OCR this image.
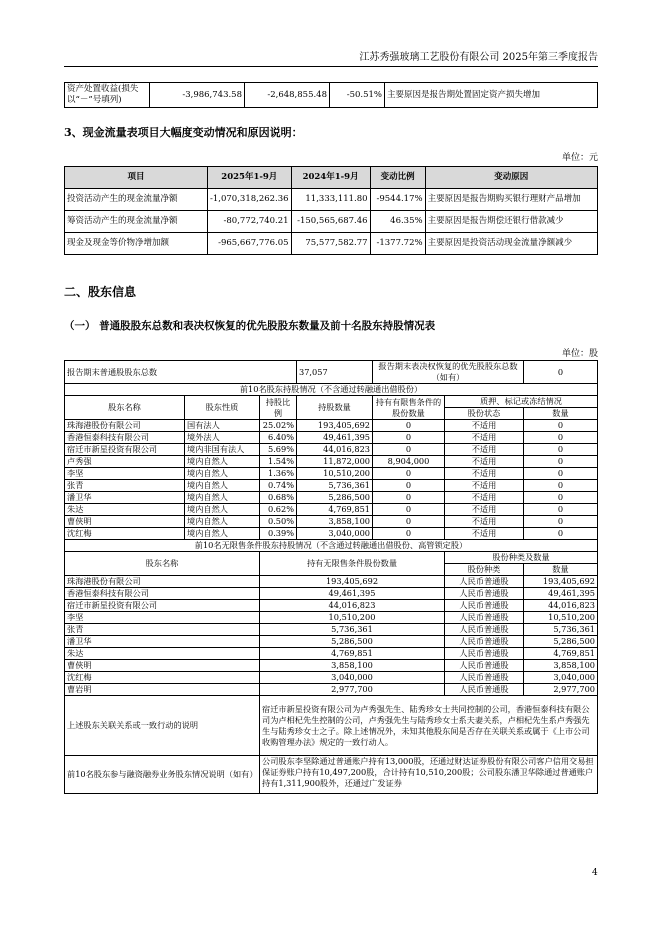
江苏秀强玻璃工艺股份有限公司 2025年第三季度报告
资产处置收益(损失以“－”号填列)	-3,986,743.58	-2,648,855.48	-50.51%	主要原因是报告期处置固定资产损失增加
3、现金流量表项目大幅度变动情况和原因说明：
单位：元
项目	2025年1-9月	2024年1-9月	变动比例	变动原因
投资活动产生的现金流量净额	-1,070,318,262.36	11,333,111.80	-9544.17%	主要原因是报告期购买银行理财产品增加
筹资活动产生的现金流量净额	-80,772,740.21	-150,565,687.46	46.35%	主要原因是报告期偿还银行借款减少
现金及现金等价物净增加额	-965,667,776.05	75,577,582.77	-1377.72%	主要原因是投资活动现金流量净额减少
二、股东信息
（一） 普通股股东总数和表决权恢复的优先股股东数量及前十名股东持股情况表
单位：股
报告期末普通股股东总数			37,057	报告期末表决权恢复的优先股股东总数（如有）		0
前10名股东持股情况（不含通过转融通出借股份）						
股东名称	股东性质	持股比例	持股数量	持有有限售条件的股份数量	质押、标记或冻结情况	
					股份状态	数量
珠海港股份有限公司	国有法人	25.02%	193,405,692	0	不适用	0
香港恒泰科技有限公司	境外法人	6.40%	49,461,395	0	不适用	0
宿迁市新星投资有限公司	境内非国有法人	5.69%	44,016,823	0	不适用	0
卢秀强	境内自然人	1.54%	11,872,000	8,904,000	不适用	0
李坚	境内自然人	1.36%	10,510,200	0	不适用	0
张青	境内自然人	0.74%	5,736,361	0	不适用	0
潘卫华	境内自然人	0.68%	5,286,500	0	不适用	0
朱达	境内自然人	0.62%	4,769,851	0	不适用	0
曹俠明	境内自然人	0.50%	3,858,100	0	不适用	0
沈红梅	境内自然人	0.39%	3,040,000	0	不适用	0
前10名无限售条件股东持股情况（不含通过转融通出借股份、高管锁定股）						
股东名称		持有无限售条件股份数量			股份种类及数量	
					股份种类	数量
珠海港股份有限公司		193,405,692			人民币普通股	193,405,692
香港恒泰科技有限公司		49,461,395			人民币普通股	49,461,395
宿迁市新星投资有限公司		44,016,823			人民币普通股	44,016,823
李坚		10,510,200			人民币普通股	10,510,200
张青		5,736,361			人民币普通股	5,736,361
潘卫华		5,286,500			人民币普通股	5,286,500
朱达		4,769,851			人民币普通股	4,769,851
曹俠明		3,858,100			人民币普通股	3,858,100
沈红梅		3,040,000			人民币普通股	3,040,000
曹岩明		2,977,700			人民币普通股	2,977,700
上述股东关联关系或一致行动的说明		宿迁市新星投资有限公司为卢秀强先生、陆秀珍女士共同控制的公司，香港恒泰科技有限公司为卢相杞先生控制的公司，卢秀强先生与陆秀珍女士系夫妻关系，卢相杞先生系卢秀强先生与陆秀珍女士之子。除上述情况外，未知其他股东间是否存在关联关系或属于《上市公司收购管理办法》规定的一致行动人。				
前10名股东参与融资融券业务股东情况说明（如有）		公司股东李坚除通过普通账户持有13,000股，还通过财达证券股份有限公司客户信用交易担保证券账户持有10,497,200股，合计持有10,510,200股；公司股东潘卫华除通过普通账户持有1,311,900股外，还通过广发证券				
4
